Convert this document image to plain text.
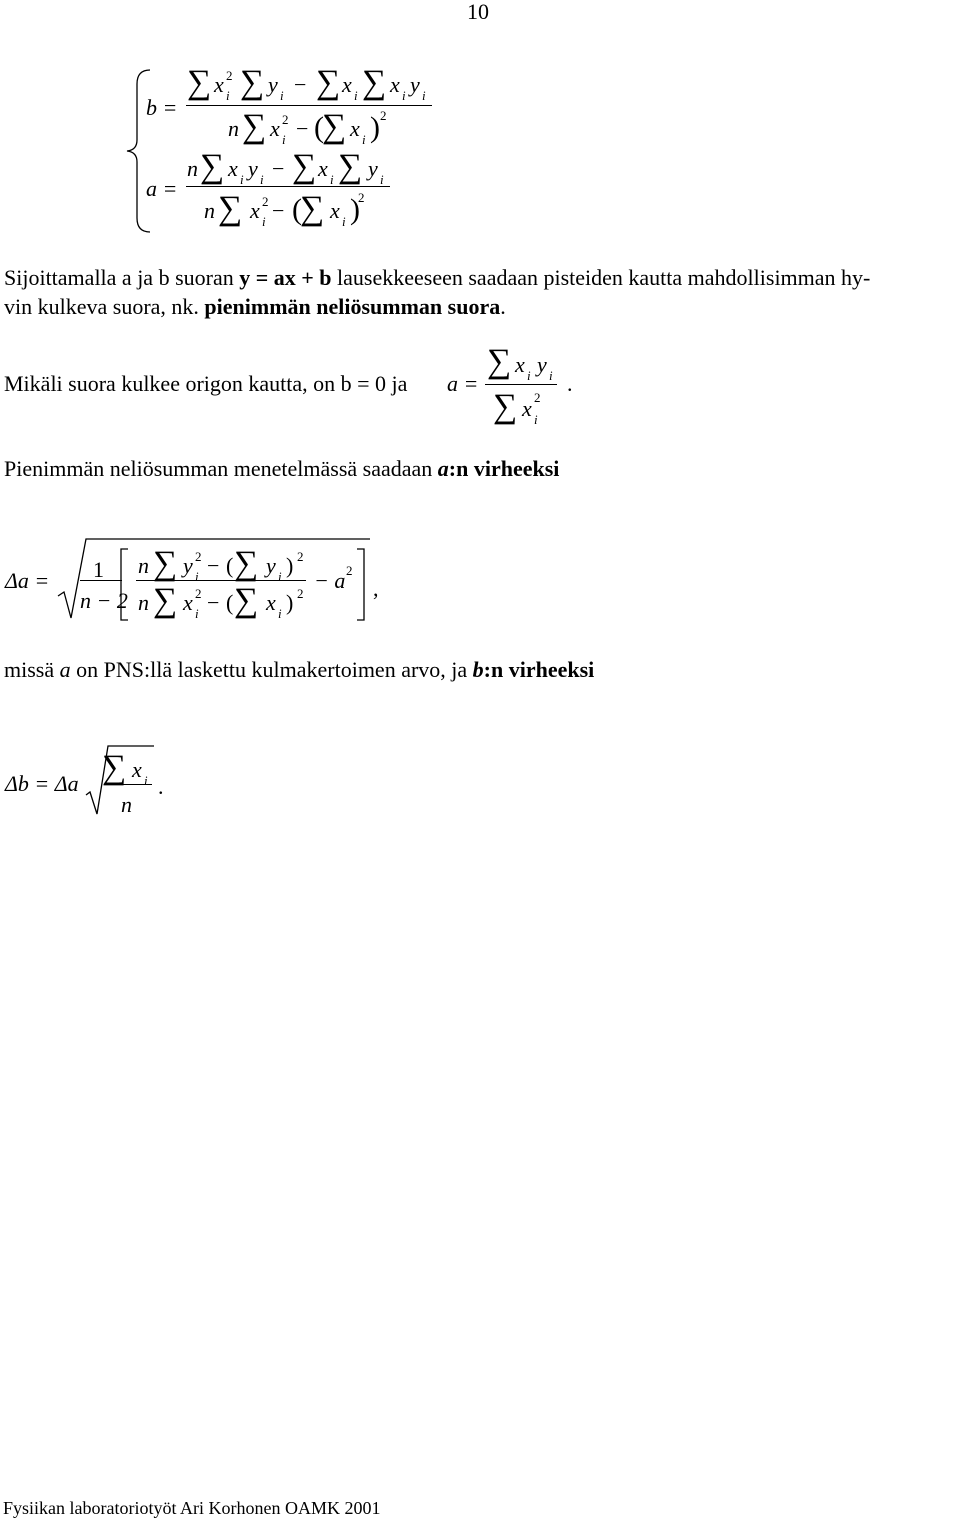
10
b =
∑ x i
2 ∑ y i − ∑ x i ∑ x i y i
n ∑ x i
2 − (
∑ x i ) 2
a =
n ∑ x i y i − ∑ x i ∑ y i
n ∑ x i
2 − (
∑ x i )
2
Sijoittamalla a ja b suoran y = ax + b lausekkeeseen saadaan pisteiden kautta mahdollisimman hy-
vin kulkeva suora, nk. pienimmän neliösumman suora.
Mikäli suora kulkee origon kautta, on b = 0 ja a =
∑ x i y i
∑ x i
2
.
Pienimmän neliösumman menetelmässä saadaan a:n virheeksi
Δa = 1
n − 2
n ∑ y i
2 − ( ∑ y i ) 2
n ∑ x i
2 − ( ∑ x i ) 2
− a 2
,
missä a on PNS:llä laskettu kulmakertoimen arvo, ja b:n virheeksi
Δb = Δa ∑ x i
n
.
Fysiikan laboratoriotyöt Ari Korhonen OAMK 2001
